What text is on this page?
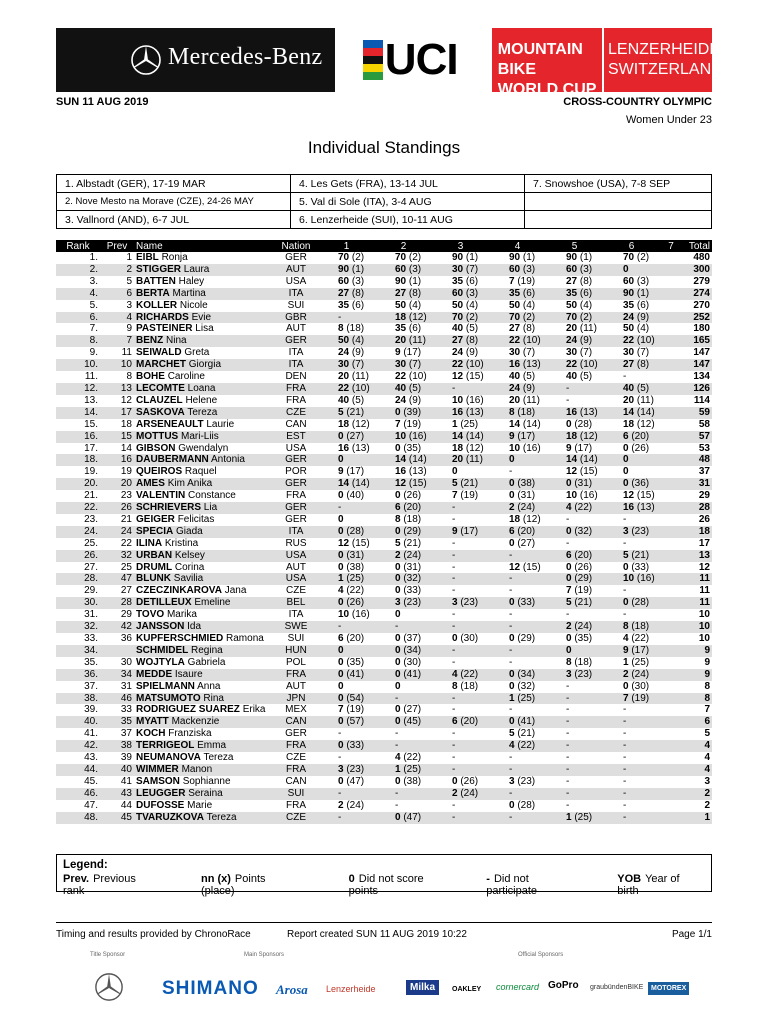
Mercedes-Benz UCI	MOUNTAIN BIKE
WORLD CUP
LENZERHEIDE
SWITZERLAND
SUN 11 AUG 2019	CROSS-COUNTRY OLYMPIC
Women Under 23
Individual Standings
1. Albstadt (GER), 17-19 MAR	4. Les Gets (FRA), 13-14 JUL	7. Snowshoe (USA), 7-8 SEP
2. Nove Mesto na Morave (CZE), 24-26 MAY	5. Val di Sole (ITA), 3-4 AUG	
3. Vallnord (AND), 6-7 JUL	6. Lenzerheide (SUI), 10-11 AUG	
Rank	Prev	Name	Nation	1	2	3	4	5	6	7	Total
1.	1	EIBL Ronja	GER	70 (2)	70 (2)	90 (1)	90 (1)	90 (1)	70 (2)		480
2.	2	STIGGER Laura	AUT	90 (1)	60 (3)	30 (7)	60 (3)	60 (3)	0		300
3.	5	BATTEN Haley	USA	60 (3)	90 (1)	35 (6)	7 (19)	27 (8)	60 (3)		279
4.	6	BERTA Martina	ITA	27 (8)	27 (8)	60 (3)	35 (6)	35 (6)	90 (1)		274
5.	3	KOLLER Nicole	SUI	35 (6)	50 (4)	50 (4)	50 (4)	50 (4)	35 (6)		270
6.	4	RICHARDS Evie	GBR	-	18 (12)	70 (2)	70 (2)	70 (2)	24 (9)		252
7.	9	PASTEINER Lisa	AUT	8 (18)	35 (6)	40 (5)	27 (8)	20 (11)	50 (4)		180
8.	7	BENZ Nina	GER	50 (4)	20 (11)	27 (8)	22 (10)	24 (9)	22 (10)		165
9.	11	SEIWALD Greta	ITA	24 (9)	9 (17)	24 (9)	30 (7)	30 (7)	30 (7)		147
10.	10	MARCHET Giorgia	ITA	30 (7)	30 (7)	22 (10)	16 (13)	22 (10)	27 (8)		147
11.	8	BOHE Caroline	DEN	20 (11)	22 (10)	12 (15)	40 (5)	40 (5)	-		134
12.	13	LECOMTE Loana	FRA	22 (10)	40 (5)	-	24 (9)	-	40 (5)		126
13.	12	CLAUZEL Helene	FRA	40 (5)	24 (9)	10 (16)	20 (11)	-	20 (11)		114
14.	17	SASKOVA Tereza	CZE	5 (21)	0 (39)	16 (13)	8 (18)	16 (13)	14 (14)		59
15.	18	ARSENEAULT Laurie	CAN	18 (12)	7 (19)	1 (25)	14 (14)	0 (28)	18 (12)		58
16.	15	MOTTUS Mari-Liis	EST	0 (27)	10 (16)	14 (14)	9 (17)	18 (12)	6 (20)		57
17.	14	GIBSON Gwendalyn	USA	16 (13)	0 (35)	18 (12)	10 (16)	9 (17)	0 (26)		53
18.	16	DAUBERMANN Antonia	GER	0	14 (14)	20 (11)	0	14 (14)	0		48
19.	19	QUEIROS Raquel	POR	9 (17)	16 (13)	0	-	12 (15)	0		37
20.	20	AMES Kim Anika	GER	14 (14)	12 (15)	5 (21)	0 (38)	0 (31)	0 (36)		31
21.	23	VALENTIN Constance	FRA	0 (40)	0 (26)	7 (19)	0 (31)	10 (16)	12 (15)		29
22.	26	SCHRIEVERS Lia	GER	-	6 (20)	-	2 (24)	4 (22)	16 (13)		28
23.	21	GEIGER Felicitas	GER	0	8 (18)	-	18 (12)	-	-		26
24.	24	SPECIA Giada	ITA	0 (28)	0 (29)	9 (17)	6 (20)	0 (32)	3 (23)		18
25.	22	ILINA Kristina	RUS	12 (15)	5 (21)	-	0 (27)	-	-		17
26.	32	URBAN Kelsey	USA	0 (31)	2 (24)	-	-	6 (20)	5 (21)		13
27.	25	DRUML Corina	AUT	0 (38)	0 (31)	-	12 (15)	0 (26)	0 (33)		12
28.	47	BLUNK Savilia	USA	1 (25)	0 (32)	-	-	0 (29)	10 (16)		11
29.	27	CZECZINKAROVA Jana	CZE	4 (22)	0 (33)	-	-	7 (19)	-		11
30.	28	DETILLEUX Emeline	BEL	0 (26)	3 (23)	3 (23)	0 (33)	5 (21)	0 (28)		11
31.	29	TOVO Marika	ITA	10 (16)	0	-	-	-	-		10
32.	42	JANSSON Ida	SWE	-	-	-	-	2 (24)	8 (18)		10
33.	36	KUPFERSCHMIED Ramona	SUI	6 (20)	0 (37)	0 (30)	0 (29)	0 (35)	4 (22)		10
34.		SCHMIDEL Regina	HUN	0	0 (34)	-	-	0	9 (17)		9
35.	30	WOJTYLA Gabriela	POL	0 (35)	0 (30)	-	-	8 (18)	1 (25)		9
36.	34	MEDDE Isaure	FRA	0 (41)	0 (41)	4 (22)	0 (34)	3 (23)	2 (24)		9
37.	31	SPIELMANN Anna	AUT	0	0	8 (18)	0 (32)	-	0 (30)		8
38.	46	MATSUMOTO Rina	JPN	0 (54)	-	-	1 (25)	-	7 (19)		8
39.	33	RODRIGUEZ SUAREZ Erika	MEX	7 (19)	0 (27)	-	-	-	-		7
40.	35	MYATT Mackenzie	CAN	0 (57)	0 (45)	6 (20)	0 (41)	-	-		6
41.	37	KOCH Franziska	GER	-	-	-	5 (21)	-	-		5
42.	38	TERRIGEOL Emma	FRA	0 (33)	-	-	4 (22)	-	-		4
43.	39	NEUMANOVA Tereza	CZE	-	4 (22)	-	-	-	-		4
44.	40	WIMMER Manon	FRA	3 (23)	1 (25)	-	-	-	-		4
45.	41	SAMSON Sophianne	CAN	0 (47)	0 (38)	0 (26)	3 (23)	-	-		3
46.	43	LEUGGER Seraina	SUI	-	-	2 (24)	-	-	-		2
47.	44	DUFOSSE Marie	FRA	2 (24)	-	-	0 (28)	-	-		2
48.	45	TVARUZKOVA Tereza	CZE	-	0 (47)	-	-	1 (25)	-		1
Legend:
Prev. Previous rank
nn (x) Points (place)
0 Did not score points
- Did not participate
YOB Year of birth
Timing and results provided by ChronoRace	Report created SUN 11 AUG 2019 10:22	Page 1/1
Title Sponsor	Main Sponsors	Official Sponsors
SHIMANO Arosa Lenzerheide	Milka	OAKLEY cornercard GoPro graubündenBIKE	MOTOREX
